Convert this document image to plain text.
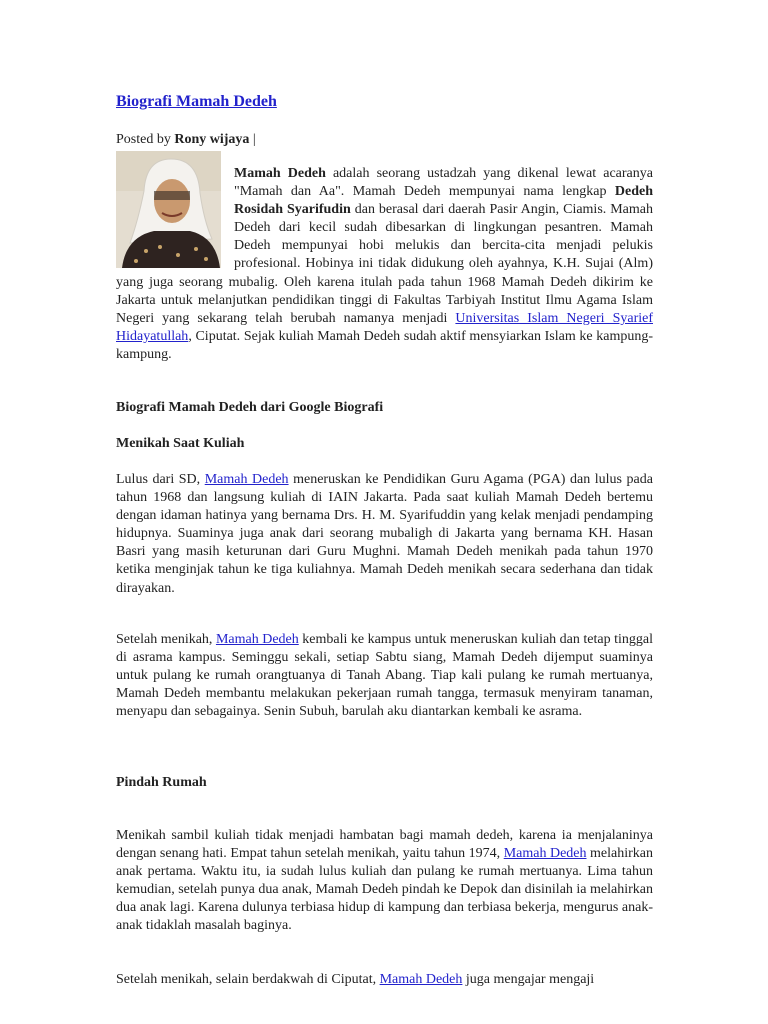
Biografi Mamah Dedeh
Posted by Rony wijaya |

Mamah Dedeh adalah seorang ustadzah yang dikenal lewat acaranya "Mamah dan Aa". Mamah Dedeh mempunyai nama lengkap Dedeh Rosidah Syarifudin dan berasal dari daerah Pasir Angin, Ciamis. Mamah Dedeh dari kecil sudah dibesarkan di lingkungan pesantren. Mamah Dedeh mempunyai hobi melukis dan bercita-cita menjadi pelukis profesional. Hobinya ini tidak didukung oleh ayahnya, K.H. Sujai (Alm) yang juga seorang mubalig. Oleh karena itulah pada tahun 1968 Mamah Dedeh dikirim ke Jakarta untuk melanjutkan pendidikan tinggi di Fakultas Tarbiyah Institut Ilmu Agama Islam Negeri yang sekarang telah berubah namanya menjadi Universitas Islam Negeri Syarief Hidayatullah, Ciputat. Sejak kuliah Mamah Dedeh sudah aktif mensyiarkan Islam ke kampung-kampung.

Biografi Mamah Dedeh dari Google Biografi
Menikah Saat Kuliah

Lulus dari SD, Mamah Dedeh meneruskan ke Pendidikan Guru Agama (PGA) dan lulus pada tahun 1968 dan langsung kuliah di IAIN Jakarta. Pada saat kuliah Mamah Dedeh bertemu dengan idaman hatinya yang bernama Drs. H. M. Syarifuddin yang kelak menjadi pendamping hidupnya. Suaminya juga anak dari seorang mubaligh di Jakarta yang bernama KH. Hasan Basri yang masih keturunan dari Guru Mughni. Mamah Dedeh menikah pada tahun 1970 ketika menginjak tahun ke tiga kuliahnya. Mamah Dedeh menikah secara sederhana dan tidak dirayakan.

Setelah menikah, Mamah Dedeh kembali ke kampus untuk meneruskan kuliah dan tetap tinggal di asrama kampus. Seminggu sekali, setiap Sabtu siang, Mamah Dedeh dijemput suaminya untuk pulang ke rumah orangtuanya di Tanah Abang. Tiap kali pulang ke rumah mertuanya, Mamah Dedeh membantu melakukan pekerjaan rumah tangga, termasuk menyiram tanaman, menyapu dan sebagainya. Senin Subuh, barulah aku diantarkan kembali ke asrama.

Pindah Rumah

Menikah sambil kuliah tidak menjadi hambatan bagi mamah dedeh, karena ia menjalaninya dengan senang hati. Empat tahun setelah menikah, yaitu tahun 1974, Mamah Dedeh melahirkan anak pertama. Waktu itu, ia sudah lulus kuliah dan pulang ke rumah mertuanya. Lima tahun kemudian, setelah punya dua anak, Mamah Dedeh pindah ke Depok dan disinilah ia melahirkan dua anak lagi. Karena dulunya terbiasa hidup di kampung dan terbiasa bekerja, mengurus anak-anak tidaklah masalah baginya.

Setelah menikah, selain berdakwah di Ciputat, Mamah Dedeh juga mengajar mengaji
